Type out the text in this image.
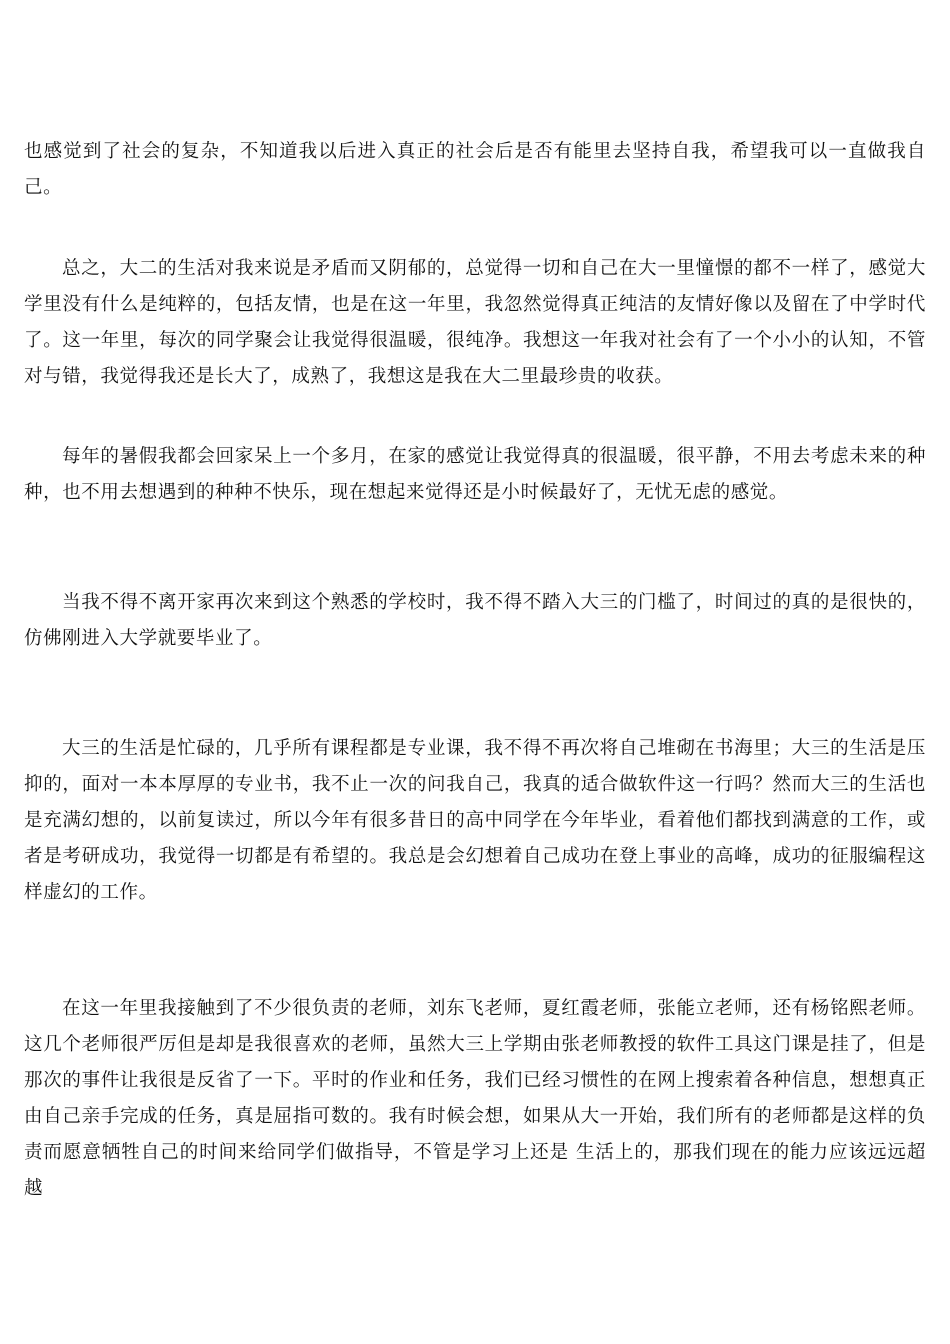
也感觉到了社会的复杂，不知道我以后进入真正的社会后是否有能里去坚持自我，希望我可以一直做我自己。

总之，大二的生活对我来说是矛盾而又阴郁的，总觉得一切和自己在大一里憧憬的都不一样了，感觉大学里没有什么是纯粹的，包括友情，也是在这一年里，我忽然觉得真正纯洁的友情好像以及留在了中学时代了。这一年里，每次的同学聚会让我觉得很温暖，很纯净。我想这一年我对社会有了一个小小的认知，不管对与错，我觉得我还是长大了，成熟了，我想这是我在大二里最珍贵的收获。

每年的暑假我都会回家呆上一个多月，在家的感觉让我觉得真的很温暖，很平静，不用去考虑未来的种种，也不用去想遇到的种种不快乐，现在想起来觉得还是小时候最好了，无忧无虑的感觉。

当我不得不离开家再次来到这个熟悉的学校时，我不得不踏入大三的门槛了，时间过的真的是很快的，仿佛刚进入大学就要毕业了。

大三的生活是忙碌的，几乎所有课程都是专业课，我不得不再次将自己堆砌在书海里；大三的生活是压抑的，面对一本本厚厚的专业书，我不止一次的问我自己，我真的适合做软件这一行吗？然而大三的生活也是充满幻想的，以前复读过，所以今年有很多昔日的高中同学在今年毕业，看着他们都找到满意的工作，或者是考研成功，我觉得一切都是有希望的。我总是会幻想着自己成功在登上事业的高峰，成功的征服编程这样虚幻的工作。

在这一年里我接触到了不少很负责的老师，刘东飞老师，夏红霞老师，张能立老师，还有杨铭熙老师。这几个老师很严厉但是却是我很喜欢的老师，虽然大三上学期由张老师教授的软件工具这门课是挂了，但是那次的事件让我很是反省了一下。平时的作业和任务，我们已经习惯性的在网上搜索着各种信息，想想真正由自己亲手完成的任务，真是屈指可数的。我有时候会想，如果从大一开始，我们所有的老师都是这样的负责而愿意牺牲自己的时间来给同学们做指导，不管是学习上还是 生活上的，那我们现在的能力应该远远超越
